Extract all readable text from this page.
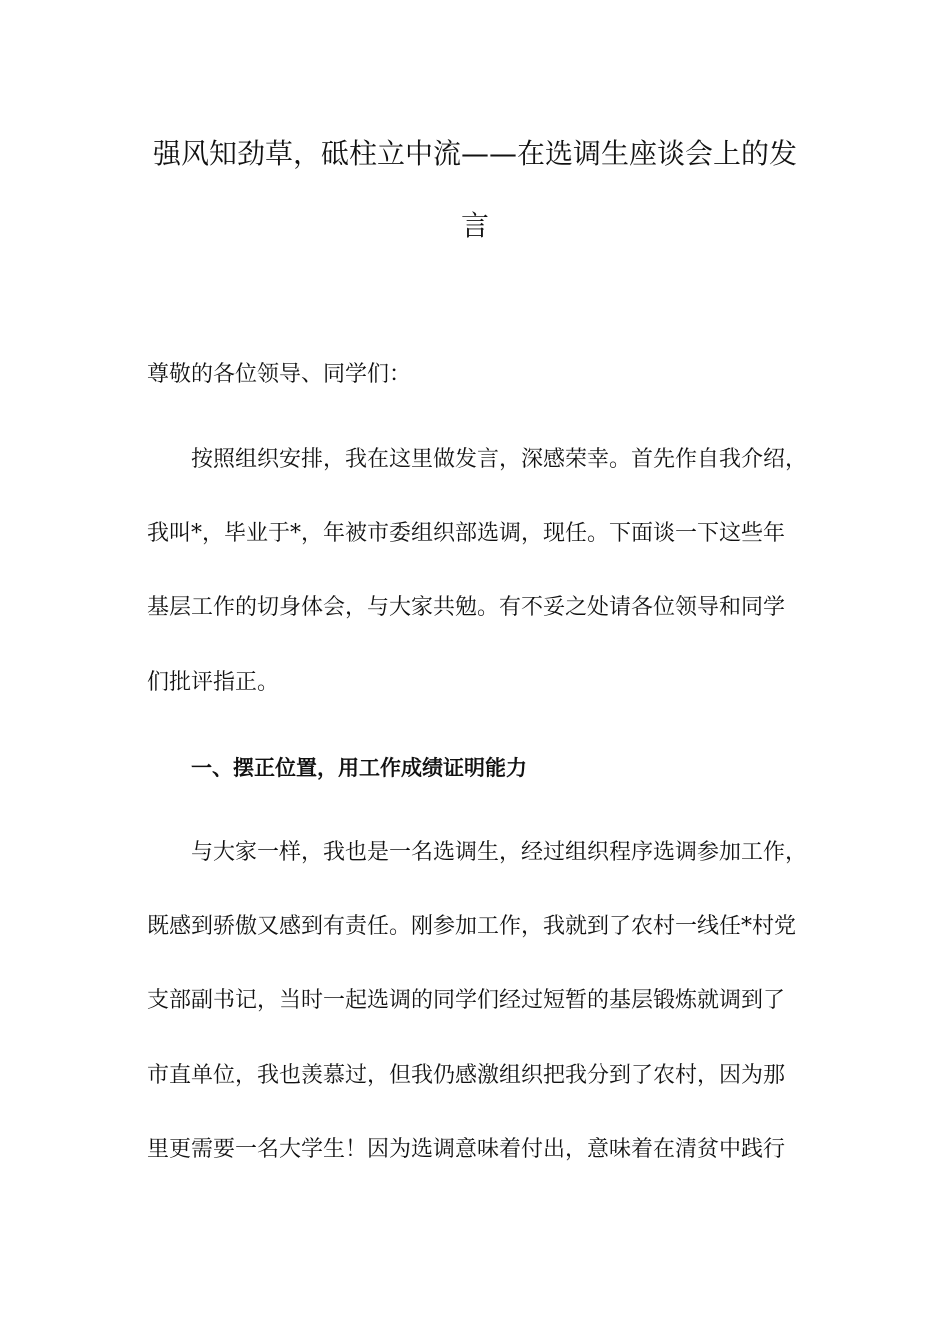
强风知劲草，砥柱立中流——在选调生座谈会上的发
言
尊敬的各位领导、同学们：
按照组织安排，我在这里做发言，深感荣幸。首先作自我介绍，
我叫*，毕业于*，年被市委组织部选调，现任。下面谈一下这些年
基层工作的切身体会，与大家共勉。有不妥之处请各位领导和同学
们批评指正。
一、摆正位置，用工作成绩证明能力
与大家一样，我也是一名选调生，经过组织程序选调参加工作，
既感到骄傲又感到有责任。刚参加工作，我就到了农村一线任*村党
支部副书记，当时一起选调的同学们经过短暂的基层锻炼就调到了
市直单位，我也羡慕过，但我仍感激组织把我分到了农村，因为那
里更需要一名大学生！因为选调意味着付出，意味着在清贫中践行
